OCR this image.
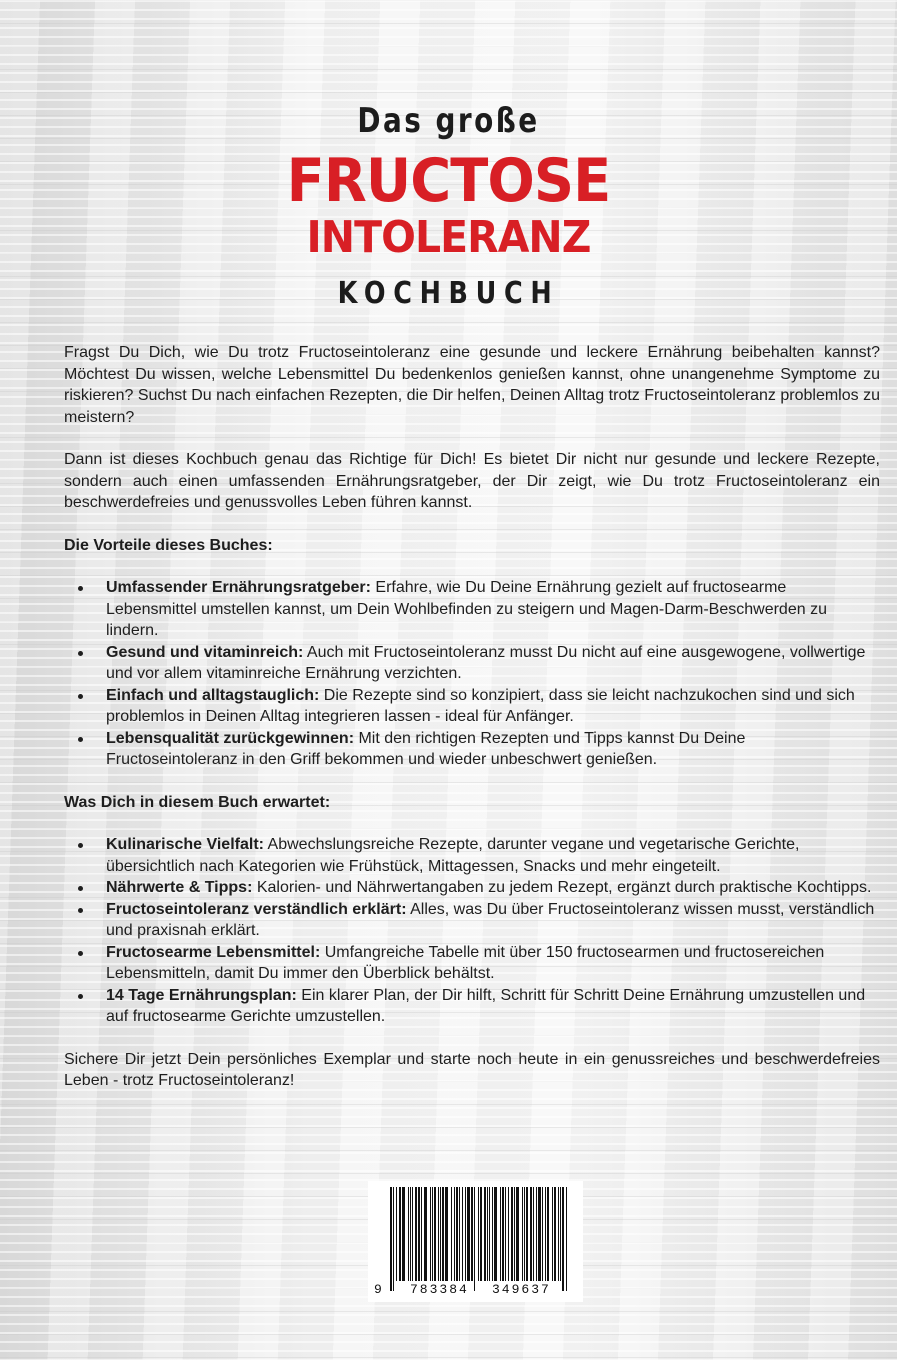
Das große
FRUCTOSE
INTOLERANZ
KOCHBUCH

Fragst Du Dich, wie Du trotz Fructoseintoleranz eine gesunde und leckere Ernährung beibehalten kannst? Möchtest Du wissen, welche Lebensmittel Du bedenkenlos genießen kannst, ohne unangenehme Symptome zu riskieren? Suchst Du nach einfachen Rezepten, die Dir helfen, Deinen Alltag trotz Fructoseintoleranz problemlos zu meistern?

Dann ist dieses Kochbuch genau das Richtige für Dich! Es bietet Dir nicht nur gesunde und leckere Rezepte, sondern auch einen umfassenden Ernährungsratgeber, der Dir zeigt, wie Du trotz Fructoseintoleranz ein beschwerdefreies und genussvolles Leben führen kannst.

Die Vorteile dieses Buches:
Umfassender Ernährungsratgeber: Erfahre, wie Du Deine Ernährung gezielt auf fructosearme Lebensmittel umstellen kannst, um Dein Wohlbefinden zu steigern und Magen-Darm-Beschwerden zu lindern.
Gesund und vitaminreich: Auch mit Fructoseintoleranz musst Du nicht auf eine ausgewogene, vollwertige und vor allem vitaminreiche Ernährung verzichten.
Einfach und alltagstauglich: Die Rezepte sind so konzipiert, dass sie leicht nachzukochen sind und sich problemlos in Deinen Alltag integrieren lassen - ideal für Anfänger.
Lebensqualität zurückgewinnen: Mit den richtigen Rezepten und Tipps kannst Du Deine Fructoseintoleranz in den Griff bekommen und wieder unbeschwert genießen.
Was Dich in diesem Buch erwartet:
Kulinarische Vielfalt: Abwechslungsreiche Rezepte, darunter vegane und vegetarische Gerichte, übersichtlich nach Kategorien wie Frühstück, Mittagessen, Snacks und mehr eingeteilt.
Nährwerte & Tipps: Kalorien- und Nährwertangaben zu jedem Rezept, ergänzt durch praktische Kochtipps.
Fructoseintoleranz verständlich erklärt: Alles, was Du über Fructoseintoleranz wissen musst, verständlich und praxisnah erklärt.
Fructosearme Lebensmittel: Umfangreiche Tabelle mit über 150 fructosearmen und fructosereichen Lebensmitteln, damit Du immer den Überblick behältst.
14 Tage Ernährungsplan: Ein klarer Plan, der Dir hilft, Schritt für Schritt Deine Ernährung umzustellen und auf fructosearme Gerichte umzustellen.

Sichere Dir jetzt Dein persönliches Exemplar und starte noch heute in ein genussreiches und beschwerdefreies Leben - trotz Fructoseintoleranz!

9 783384 349637
